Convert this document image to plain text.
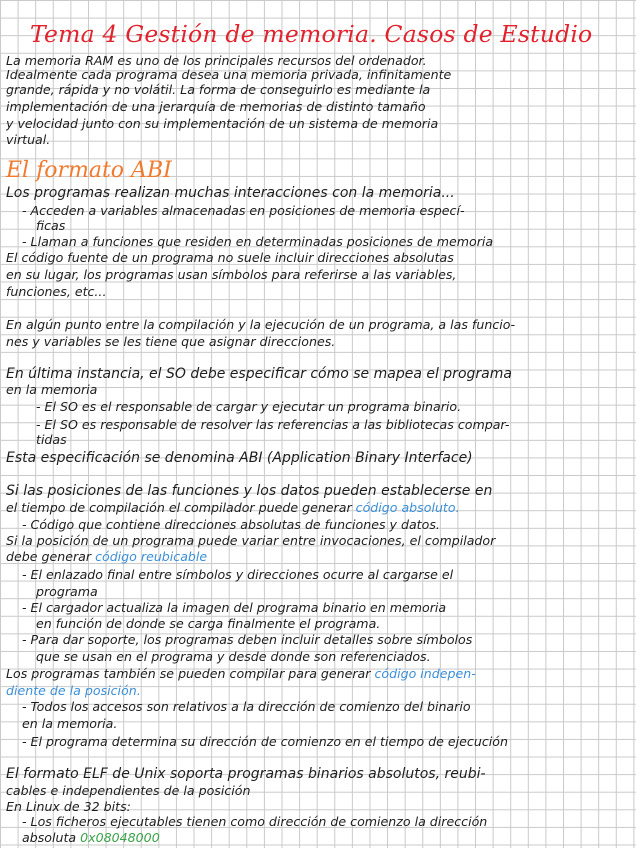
Tema 4 Gestión de memoria. Casos de Estudio
La memoria RAM es uno de los principales recursos del ordenador.
Idealmente cada programa desea una memoria privada, infinitamente
grande, rápida y no volátil. La forma de conseguirlo es mediante la
implementación de una jerarquía de memorias de distinto tamaño
y velocidad junto con su implementación de un sistema de memoria
virtual.
El formato ABI
Los programas realizan muchas interacciones con la memoria...
- Acceden a variables almacenadas en posiciones de memoria especí-
ficas
- Llaman a funciones que residen en determinadas posiciones de memoria
El código fuente de un programa no suele incluir direcciones absolutas
en su lugar, los programas usan símbolos para referirse a las variables,
funciones, etc...
En algún punto entre la compilación y la ejecución de un programa, a las funcio-
nes y variables se les tiene que asignar direcciones.
En última instancia, el SO debe especificar cómo se mapea el programa
en la memoria
- El SO es el responsable de cargar y ejecutar un programa binario.
- El SO es responsable de resolver las referencias a las bibliotecas compar-
tidas
Esta especificación se denomina ABI (Application Binary Interface)
Si las posiciones de las funciones y los datos pueden establecerse en
el tiempo de compilación el compilador puede generar código absoluto.
- Código que contiene direcciones absolutas de funciones y datos.
Si la posición de un programa puede variar entre invocaciones, el compilador
debe generar código reubicable
- El enlazado final entre símbolos y direcciones ocurre al cargarse el
programa
- El cargador actualiza la imagen del programa binario en memoria
en función de donde se carga finalmente el programa.
- Para dar soporte, los programas deben incluir detalles sobre símbolos
que se usan en el programa y desde donde son referenciados.
Los programas también se pueden compilar para generar código indepen-
diente de la posición.
- Todos los accesos son relativos a la dirección de comienzo del binario
en la memoria.
- El programa determina su dirección de comienzo en el tiempo de ejecución
El formato ELF de Unix soporta programas binarios absolutos, reubi-
cables e independientes de la posición
En Linux de 32 bits:
- Los ficheros ejecutables tienen como dirección de comienzo la dirección
absoluta 0x08048000
